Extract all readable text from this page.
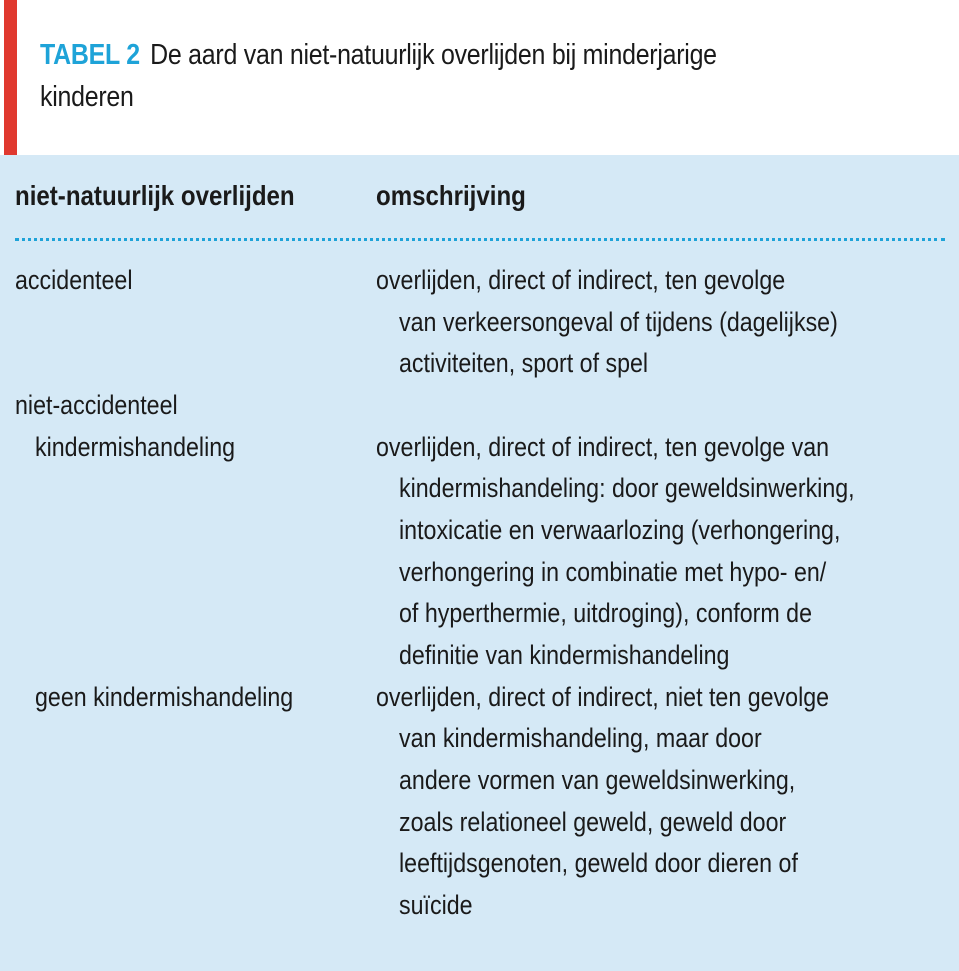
TABEL 2 De aard van niet-natuurlijk overlijden bij minderjarige
kinderen
niet-natuurlijk overlijden	omschrijving
accidenteel	overlijden, direct of indirect, ten gevolge
van verkeersongeval of tijdens (dagelijkse)
activiteiten, sport of spel
niet-accidenteel
kindermishandeling	overlijden, direct of indirect, ten gevolge van
kindermishandeling: door geweldsinwerking,
intoxicatie en verwaarlozing (verhongering,
verhongering in combinatie met hypo- en/
of hyperthermie, uitdroging), conform de
definitie van kindermishandeling
geen kindermishandeling	overlijden, direct of indirect, niet ten gevolge
van kindermishandeling, maar door
andere vormen van geweldsinwerking,
zoals relationeel geweld, geweld door
leeftijdsgenoten, geweld door dieren of
suïcide
